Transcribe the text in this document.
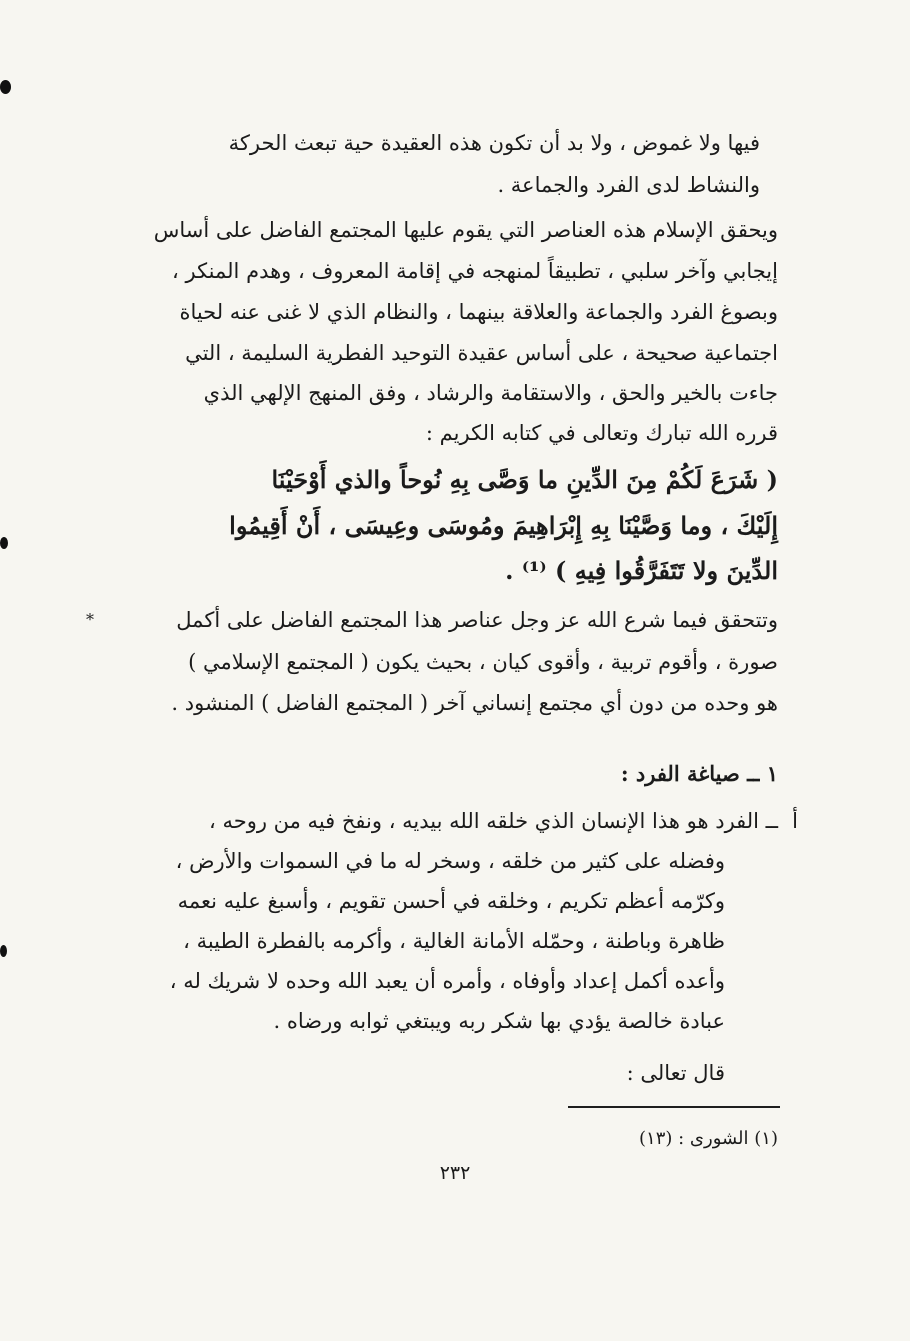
فيها ولا غموض ، ولا بد أن تكون هذه العقيدة حية تبعث الحركة
والنشاط لدى الفرد والجماعة .
ويحقق الإسلام هذه العناصر التي يقوم عليها المجتمع الفاضل على أساس
إيجابي وآخر سلبي ، تطبيقاً لمنهجه في إقامة المعروف ، وهدم المنكر ،
وبصوغ الفرد والجماعة والعلاقة بينهما ، والنظام الذي لا غنى عنه لحياة
اجتماعية صحيحة ، على أساس عقيدة التوحيد الفطرية السليمة ، التي
جاءت بالخير والحق ، والاستقامة والرشاد ، وفق المنهج الإلهي الذي
قرره الله تبارك وتعالى في كتابه الكريم :
( شَرَعَ لَكُمْ مِنَ الدِّينِ ما وَصَّى بِهِ نُوحاً والذي أَوْحَيْنَا
إِلَيْكَ ، وما وَصَّيْنَا بِهِ إِبْرَاهِيمَ ومُوسَى وعِيسَى ، أَنْ أَقِيمُوا
الدِّينَ ولا تَتَفَرَّقُوا فِيهِ ) ⁽¹⁾ .
*	وتتحقق فيما شرع الله عز وجل عناصر هذا المجتمع الفاضل على أكمل
صورة ، وأقوم تربية ، وأقوى كيان ، بحيث يكون ( المجتمع الإسلامي )
هو وحده من دون أي مجتمع إنساني آخر ( المجتمع الفاضل ) المنشود .
١ ــ صياغة الفرد :
أ
ــ الفرد هو هذا الإنسان الذي خلقه الله بيديه ، ونفخ فيه من روحه ،
وفضله على كثير من خلقه ، وسخر له ما في السموات والأرض ،
وكرّمه أعظم تكريم ، وخلقه في أحسن تقويم ، وأسبغ عليه نعمه
ظاهرة وباطنة ، وحمّله الأمانة الغالية ، وأكرمه بالفطرة الطيبة ،
وأعده أكمل إعداد وأوفاه ، وأمره أن يعبد الله وحده لا شريك له ،
عبادة خالصة يؤدي بها شكر ربه ويبتغي ثوابه ورضاه .
قال تعالى :
(١) الشورى : (١٣)
٢٣٢
